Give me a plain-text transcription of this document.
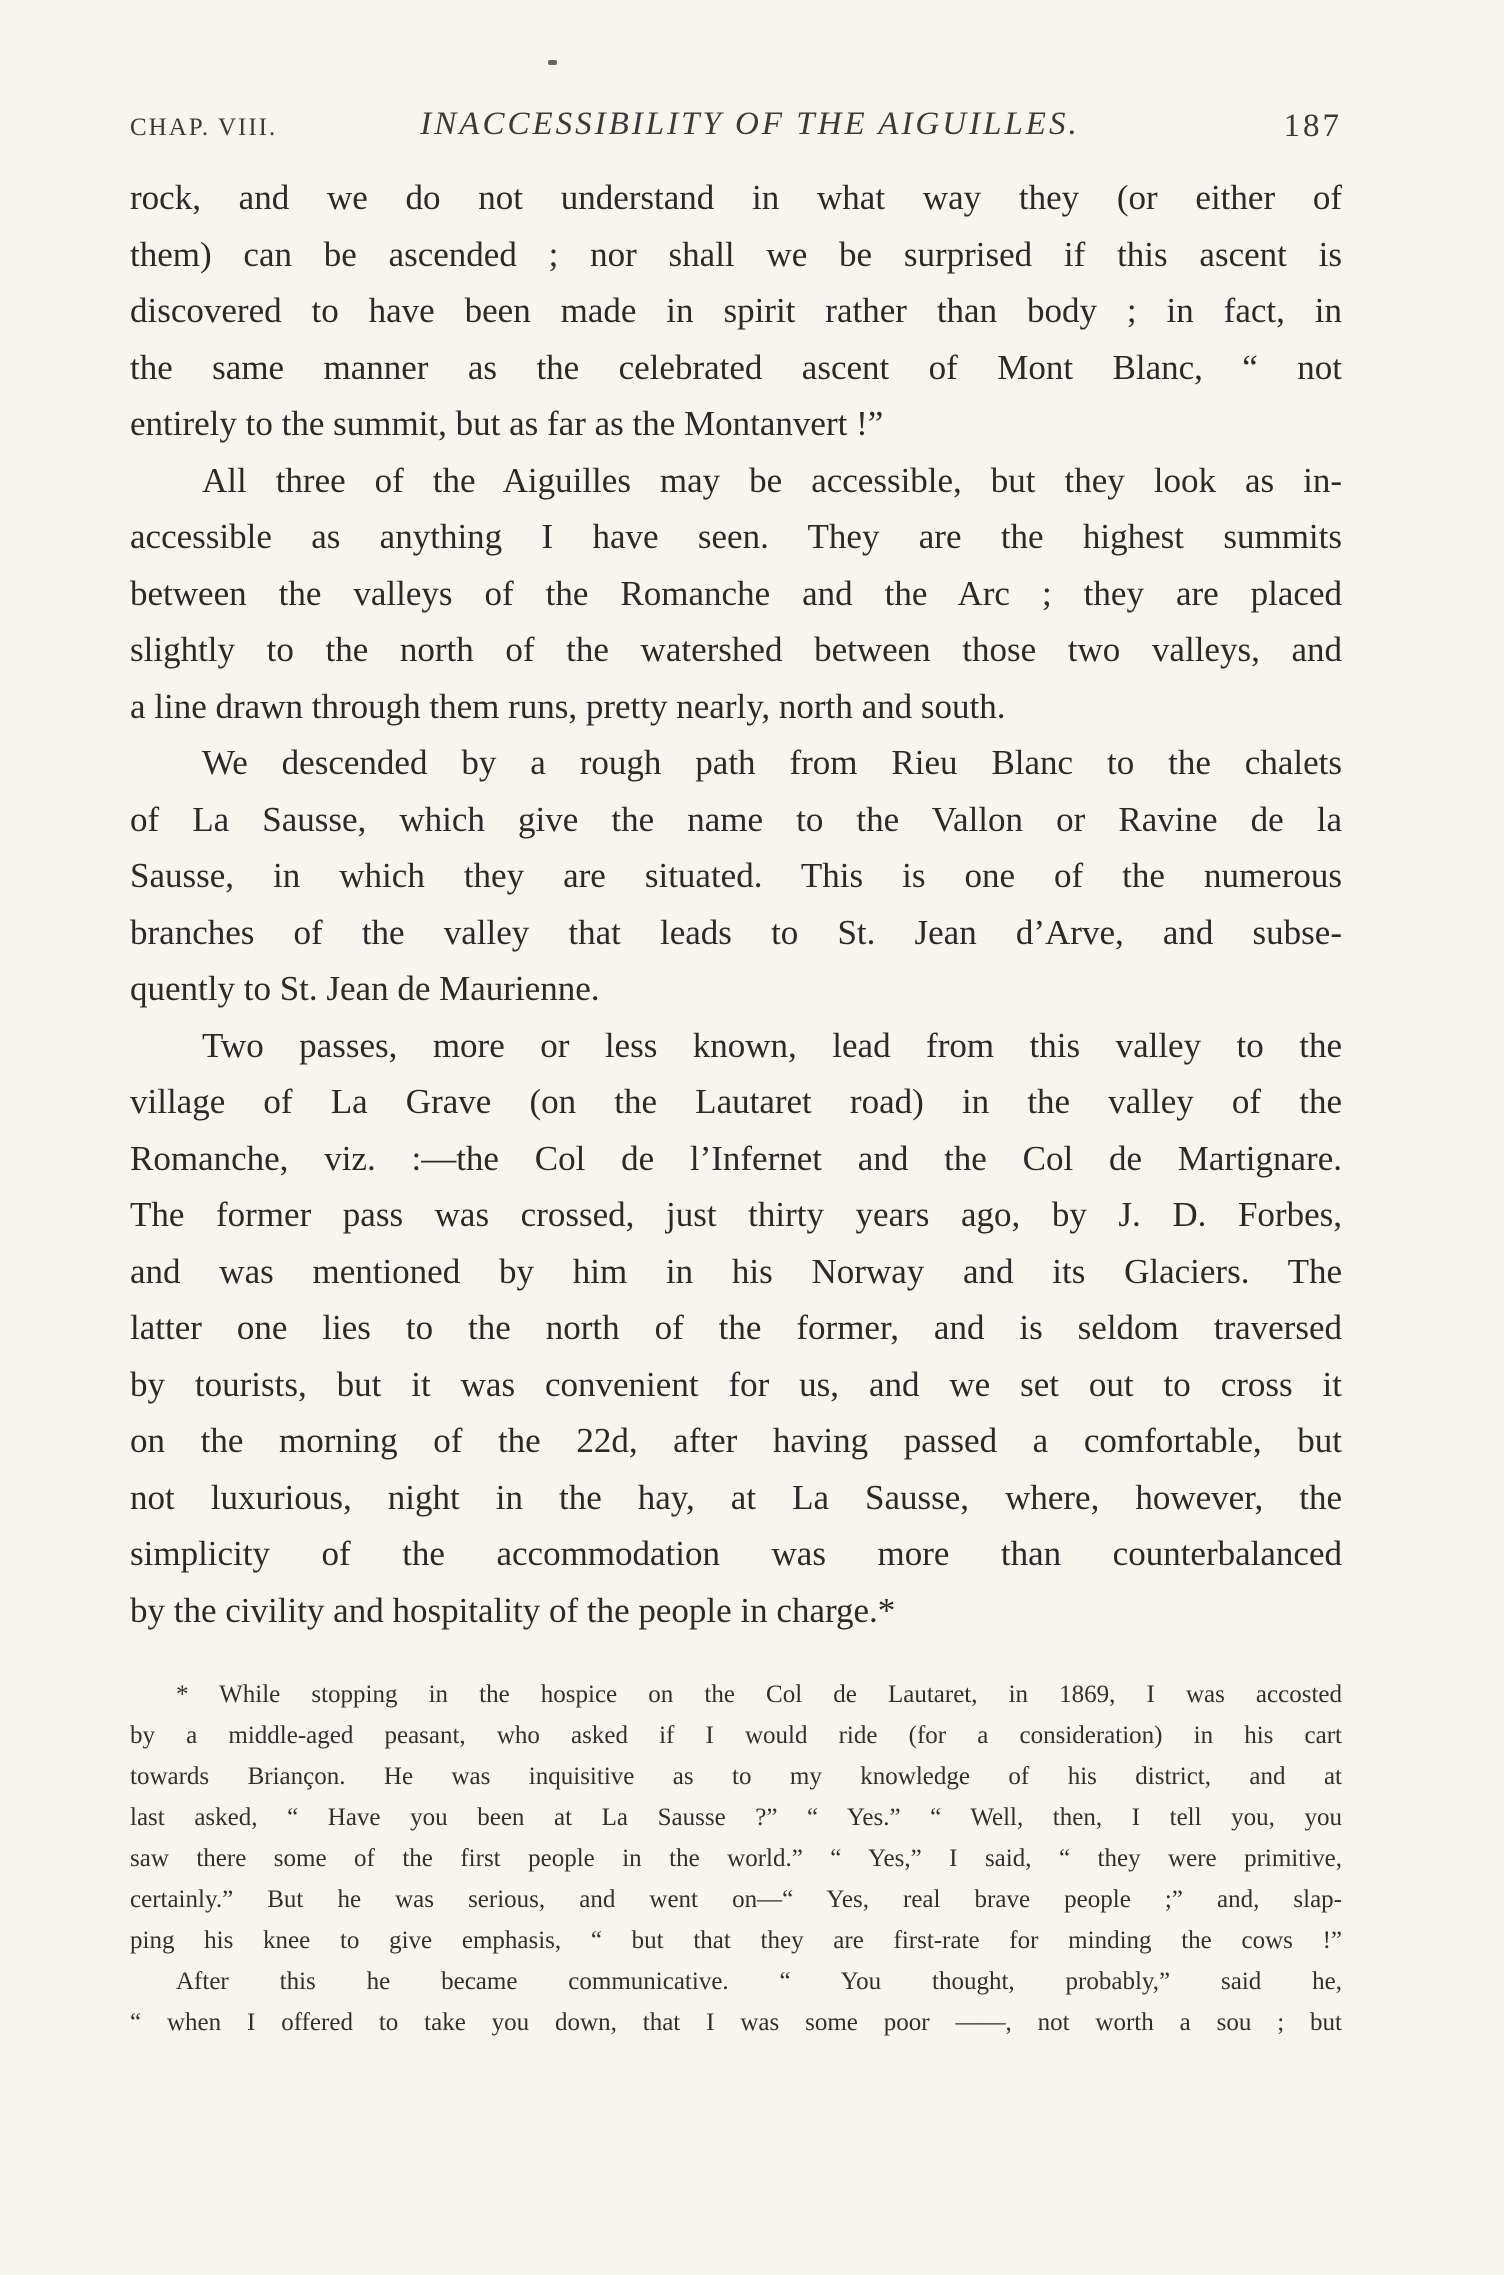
CHAP. VIII.	INACCESSIBILITY OF THE AIGUILLES.	187
rock, and we do not understand in what way they (or either of
them) can be ascended ; nor shall we be surprised if this ascent is
discovered to have been made in spirit rather than body ; in fact, in
the same manner as the celebrated ascent of Mont Blanc, “ not
entirely to the summit, but as far as the Montanvert !”
All three of the Aiguilles may be accessible, but they look as in-
accessible as anything I have seen. They are the highest summits
between the valleys of the Romanche and the Arc ; they are placed
slightly to the north of the watershed between those two valleys, and
a line drawn through them runs, pretty nearly, north and south.
We descended by a rough path from Rieu Blanc to the chalets
of La Sausse, which give the name to the Vallon or Ravine de la
Sausse, in which they are situated. This is one of the numerous
branches of the valley that leads to St. Jean d’Arve, and subse-
quently to St. Jean de Maurienne.
Two passes, more or less known, lead from this valley to the
village of La Grave (on the Lautaret road) in the valley of the
Romanche, viz. :—the Col de l’Infernet and the Col de Martignare.
The former pass was crossed, just thirty years ago, by J. D. Forbes,
and was mentioned by him in his Norway and its Glaciers. The
latter one lies to the north of the former, and is seldom traversed
by tourists, but it was convenient for us, and we set out to cross it
on the morning of the 22d, after having passed a comfortable, but
not luxurious, night in the hay, at La Sausse, where, however, the
simplicity of the accommodation was more than counterbalanced
by the civility and hospitality of the people in charge.*
* While stopping in the hospice on the Col de Lautaret, in 1869, I was accosted
by a middle-aged peasant, who asked if I would ride (for a consideration) in his cart
towards Briançon. He was inquisitive as to my knowledge of his district, and at
last asked, “ Have you been at La Sausse ?” “ Yes.” “ Well, then, I tell you, you
saw there some of the first people in the world.” “ Yes,” I said, “ they were primitive,
certainly.” But he was serious, and went on—“ Yes, real brave people ;” and, slap-
ping his knee to give emphasis, “ but that they are first-rate for minding the cows !”
After this he became communicative. “ You thought, probably,” said he,
“ when I offered to take you down, that I was some poor ——, not worth a sou ; but
